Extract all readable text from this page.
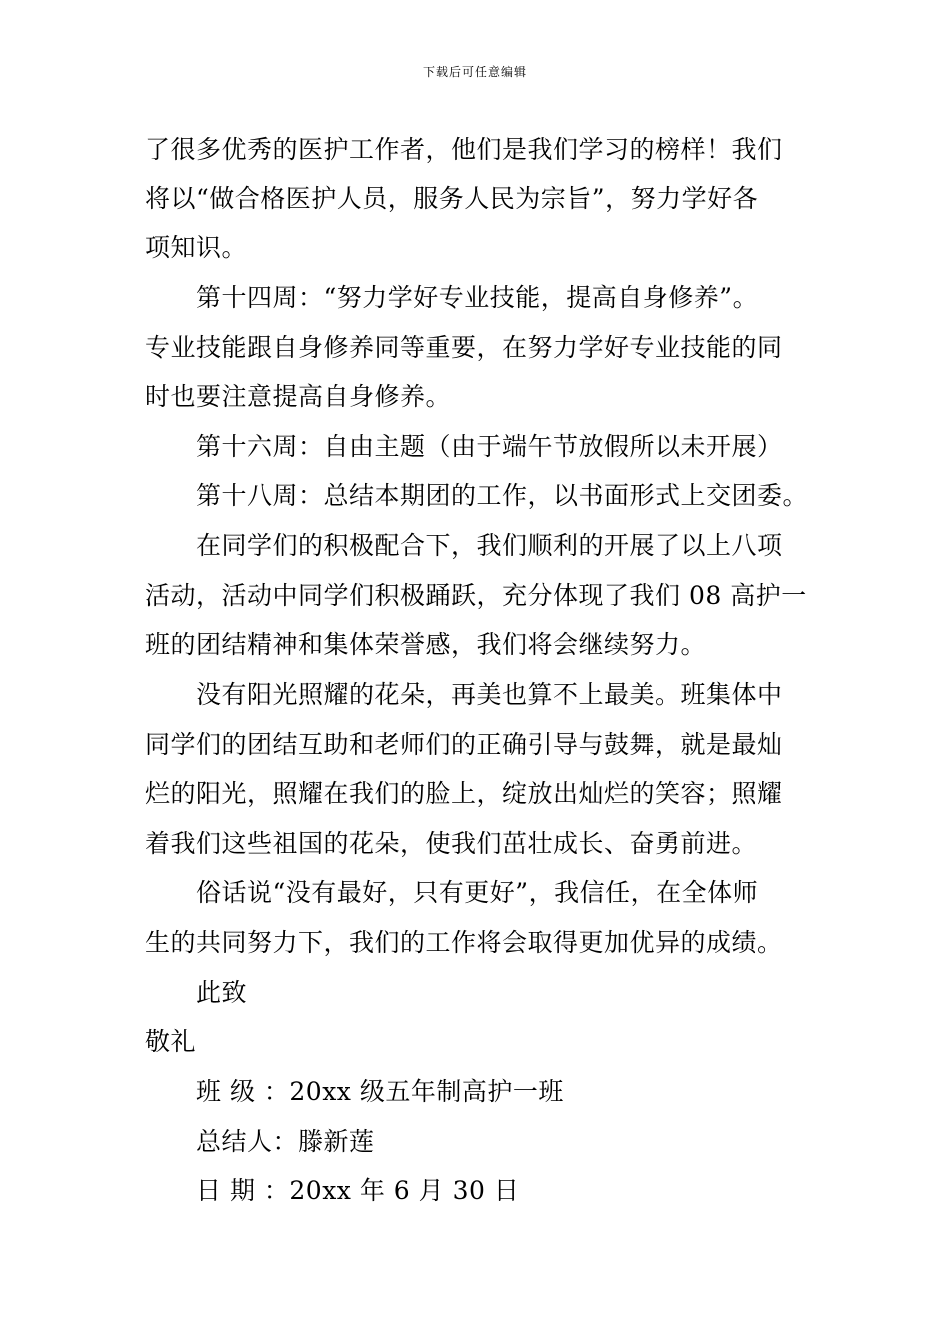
下载后可任意编辑
了很多优秀的医护工作者，他们是我们学习的榜样！我们
将以“做合格医护人员，服务人民为宗旨”，努力学好各
项知识。
第十四周：“努力学好专业技能，提高自身修养”。
专业技能跟自身修养同等重要，在努力学好专业技能的同
时也要注意提高自身修养。
第十六周：自由主题（由于端午节放假所以未开展）
第十八周：总结本期团的工作，以书面形式上交团委。
在同学们的积极配合下，我们顺利的开展了以上八项
活动，活动中同学们积极踊跃，充分体现了我们 08 高护一
班的团结精神和集体荣誉感，我们将会继续努力。
没有阳光照耀的花朵，再美也算不上最美。班集体中
同学们的团结互助和老师们的正确引导与鼓舞，就是最灿
烂的阳光，照耀在我们的脸上，绽放出灿烂的笑容；照耀
着我们这些祖国的花朵，使我们茁壮成长、奋勇前进。
俗话说“没有最好，只有更好”，我信任，在全体师
生的共同努力下，我们的工作将会取得更加优异的成绩。
此致
敬礼
班 级 ：20xx 级五年制高护一班
总结人：滕新莲
日 期 ：20xx 年 6 月 30 日
